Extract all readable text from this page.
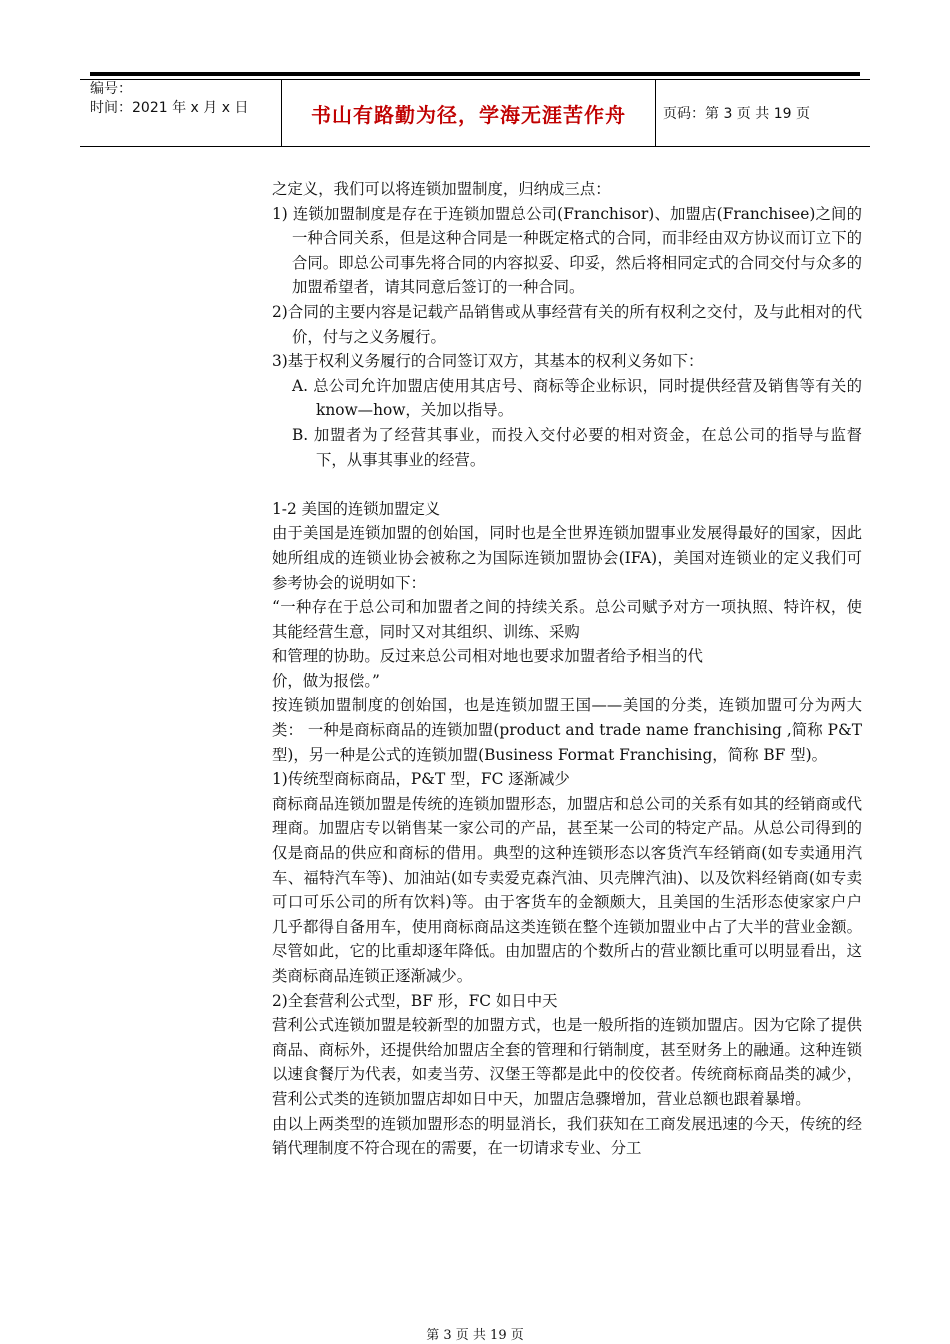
编号：
时间：2021 年 x 月 x 日	书山有路勤为径，学海无涯苦作舟	页码：第 3 页 共 19 页

之定义，我们可以将连锁加盟制度，归纳成三点：

1) 连锁加盟制度是存在于连锁加盟总公司(Franchisor)、加盟店(Franchisee)之间的一种合同关系，但是这种合同是一种既定格式的合同，而非经由双方协议而订立下的合同。即总公司事先将合同的内容拟妥、印妥，然后将相同定式的合同交付与众多的加盟希望者，请其同意后签订的一种合同。

2)合同的主要内容是记载产品销售或从事经营有关的所有权利之交付，及与此相对的代价，付与之义务履行。

3)基于权利义务履行的合同签订双方，其基本的权利义务如下：

A. 总公司允许加盟店使用其店号、商标等企业标识，同时提供经营及销售等有关的 know—how，关加以指导。

B. 加盟者为了经营其事业，而投入交付必要的相对资金，在总公司的指导与监督下，从事其事业的经营。

1-2 美国的连锁加盟定义

由于美国是连锁加盟的创始国，同时也是全世界连锁加盟事业发展得最好的国家，因此她所组成的连锁业协会被称之为国际连锁加盟协会(IFA)，美国对连锁业的定义我们可参考协会的说明如下：

“一种存在于总公司和加盟者之间的持续关系。总公司赋予对方一项执照、特许权，使其能经营生意，同时又对其组织、训练、采购

和管理的协助。反过来总公司相对地也要求加盟者给予相当的代

价，做为报偿。”

按连锁加盟制度的创始国，也是连锁加盟王国——美国的分类，连锁加盟可分为两大类： 一种是商标商品的连锁加盟(product and trade name franchising ,简称 P&T 型)，另一种是公式的连锁加盟(Business Format Franchising，简称 BF 型)。

1)传统型商标商品，P&T 型，FC 逐渐减少

商标商品连锁加盟是传统的连锁加盟形态，加盟店和总公司的关系有如其的经销商或代理商。加盟店专以销售某一家公司的产品，甚至某一公司的特定产品。从总公司得到的仅是商品的供应和商标的借用。典型的这种连锁形态以客货汽车经销商(如专卖通用汽车、福特汽车等)、加油站(如专卖爱克森汽油、贝壳牌汽油)、以及饮料经销商(如专卖可口可乐公司的所有饮料)等。由于客货车的金额颇大，且美国的生活形态使家家户户几乎都得自备用车，使用商标商品这类连锁在整个连锁加盟业中占了大半的营业金额。尽管如此，它的比重却逐年降低。由加盟店的个数所占的营业额比重可以明显看出，这类商标商品连锁正逐渐减少。

2)全套营利公式型，BF 形，FC 如日中天

营利公式连锁加盟是较新型的加盟方式，也是一般所指的连锁加盟店。因为它除了提供商品、商标外，还提供给加盟店全套的管理和行销制度，甚至财务上的融通。这种连锁以速食餐厅为代表，如麦当劳、汉堡王等都是此中的佼佼者。传统商标商品类的减少，营利公式类的连锁加盟店却如日中天，加盟店急骤增加，营业总额也跟着暴增。

由以上两类型的连锁加盟形态的明显消长，我们获知在工商发展迅速的今天，传统的经销代理制度不符合现在的需要，在一切请求专业、分工

第 3 页 共 19 页
